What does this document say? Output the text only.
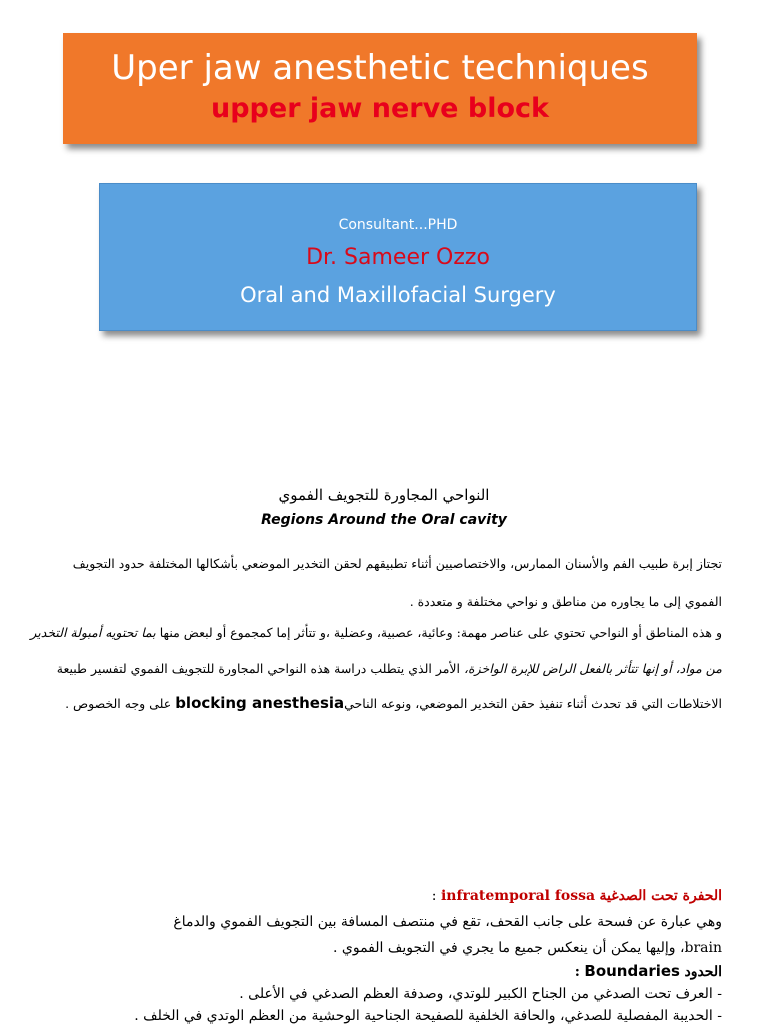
Uper jaw anesthetic techniques
upper jaw nerve block
Consultant...PHD
Dr. Sameer Ozzo
Oral and Maxillofacial Surgery
النواحي المجاورة للتجويف الفموي
Regions Around the Oral cavity
تجتاز إبرة طبيب الفم والأسنان الممارس، والاختصاصيين أثناء تطبيقهم لحقن التخدير الموضعي بأشكالها المختلفة حدود التجويف
الفموي إلى ما يجاوره من مناطق و نواحي مختلفة و متعددة .
و هذه المناطق أو النواحي تحتوي على عناصر مهمة: وعائية، عصبية، وعضلية ،و تتأثر إما كمجموع أو لبعض منها بما تحتويه أمبولة التخدير
من مواد، أو إنها تتأثر بالفعل الراض للإبرة الواخزة، الأمر الذي يتطلب دراسة هذه النواحي المجاورة للتجويف الفموي لتفسير طبيعة
الاختلاطات التي قد تحدث أثناء تنفيذ حقن التخدير الموضعي، ونوعه الناحيblocking anesthesia على وجه الخصوص .
الحفرة تحت الصدغية infratemporal fossa :
وهي عبارة عن فسحة على جانب القحف، تقع في منتصف المسافة بين التجويف الفموي والدماغ
brain، وإليها يمكن أن ينعكس جميع ما يجري في التجويف الفموي .
الحدود Boundaries :
- العرف تحت الصدغي من الجناح الكبير للوتدي، وصدفة العظم الصدغي في الأعلى .
- الحديبة المفصلية للصدغي، والحافة الخلفية للصفيحة الجناحية الوحشية من العظم الوتدي في الخلف .
